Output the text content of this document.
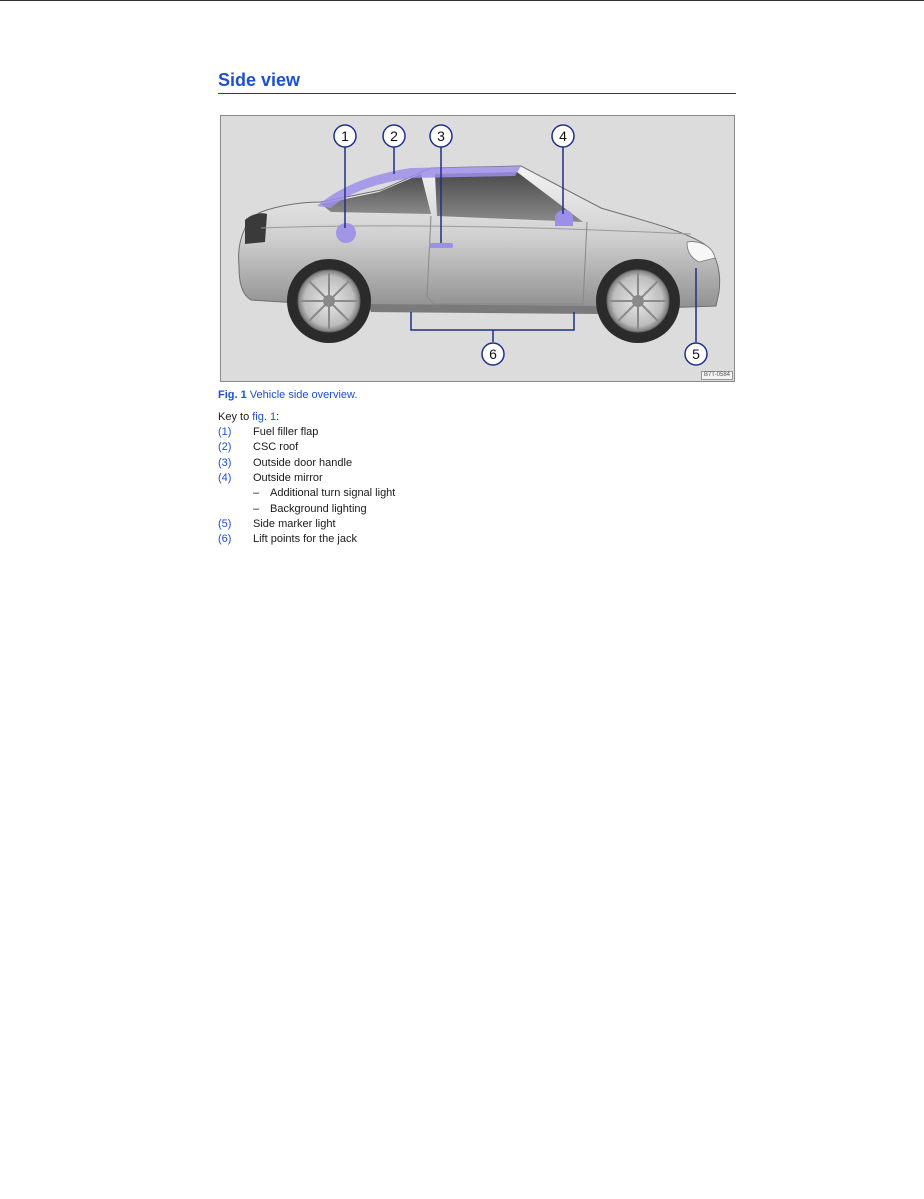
Side view
1	2	3	4
5
6
B7T-0584
Fig. 1 Vehicle side overview.
Key to fig. 1:
(1) Fuel filler flap
(2) CSC roof
(3) Outside door handle
(4) Outside mirror
– Additional turn signal light
– Background lighting
(5) Side marker light
(6) Lift points for the jack
